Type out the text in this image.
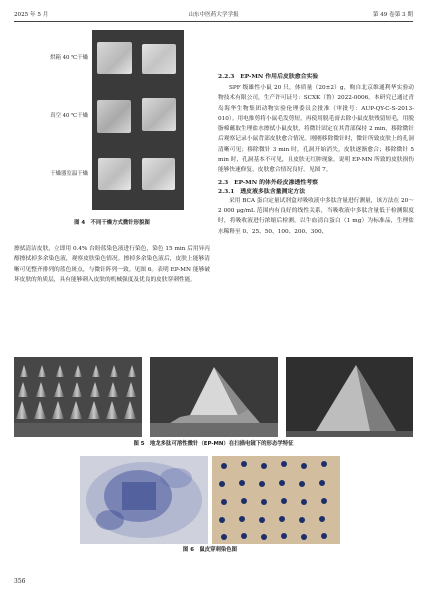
2025 年 5 月	山东中医药大学学报	第 49 卷第 3 期
烘箱 40 ℃干燥
真空 40 ℃干燥
干燥器室温干燥
图 4　不同干燥方式微针形貌图

擦拭清洁皮肤，立即用 0.4% 台盼蓝染色液进行染色，染色 15 min 后用异丙醇擦拭掉多余染色液，观察皮肤染色情况。擦掉多余染色液后，皮肤上能够清晰可见整齐排列的蓝色斑点，与微针阵列一致。见图 6。表明 EP-MN 能够破坏皮肤的角质层，具有能够刺入皮肤的机械强度及优良的皮肤穿刺性能。

2.2.3　EP-MN 作用后皮肤愈合实验
SPF 级雄性小鼠 20 只，体质量（20±2）g，购自北京维通利华实验动物技术有限公司，生产许可证号：SCXK（鲁）2022-0006。本研究已通过青岛海华生物集团动物实验伦理委员会批准（审批号：AUP-QY-C-S-2013-010）。用电推剪将小鼠毛发剪短，再使用脱毛膏去除小鼠皮肤残留短毛，用脱脂棉蘸取生理盐水擦拭小鼠皮肤，将微针固定在其背部保持 2 min，移除微针后观察记录小鼠背部皮肤愈合情况。刚刚移除微针时，微针所致皮肤上的孔洞清晰可见；移除微针 3 min 时，孔洞开始消失，皮肤逐渐愈合；移除微针 5 min 时，孔洞基本不可见，且皮肤无红肿现象。说明 EP-MN 所致的皮肤损伤能够快速修复，皮肤愈合情况良好。见图 7。
2.3　EP-MN 的体外经皮渗透性考察
2.3.1　透皮液多肽含量测定方法
采用 BCA 蛋白定量试剂盒对吸收液中多肽含量进行测量，该方法在 20～2 000 μg/mL 范围内有良好的线性关系，当吸收液中多肽含量低于检测限度时，将吸收液进行浓缩后检测。以牛血清白蛋白（1 mg）为标准品，生理盐水稀释至 0、25、50、100、200、300、
图 5　地龙多肽可溶性微针（EP-MN）在扫描电镜下的形态学特征
图 6　鼠皮穿刺染色图
356
